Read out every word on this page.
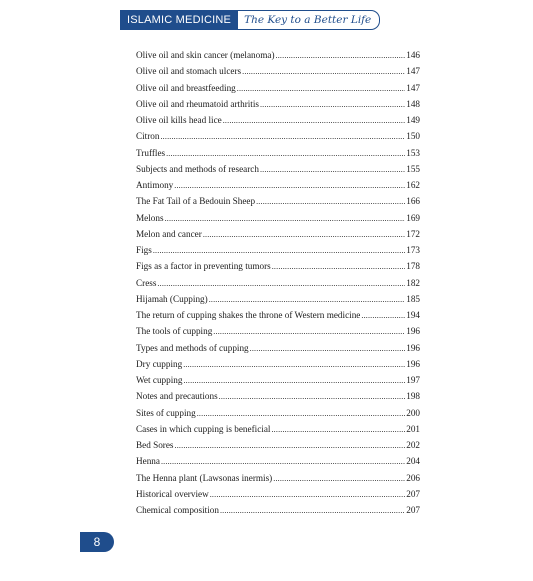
ISLAMIC MEDICINE	The Key to a Better Life
Olive oil and skin cancer (melanoma) .....	146
Olive oil and stomach ulcers .....	147
Olive oil and breastfeeding .....	147
Olive oil and rheumatoid arthritis .....	148
Olive oil kills head lice .....	149
Citron .....	150
Truffles .....	153
Subjects and methods of research .....	155
Antimony .....	162
The Fat Tail of a Bedouin Sheep .....	166
Melons .....	169
Melon and cancer .....	172
Figs .....	173
Figs as a factor in preventing tumors .....	178
Cress .....	182
Hijamah (Cupping) .....	185
The return of cupping shakes the throne of Western medicine .....	194
The tools of cupping .....	196
Types and methods of cupping .....	196
Dry cupping .....	196
Wet cupping .....	197
Notes and precautions .....	198
Sites of cupping .....	200
Cases in which cupping is beneficial .....	201
Bed Sores .....	202
Henna .....	204
The Henna plant (Lawsonas inermis) .....	206
Historical overview .....	207
Chemical composition .....	207
8
